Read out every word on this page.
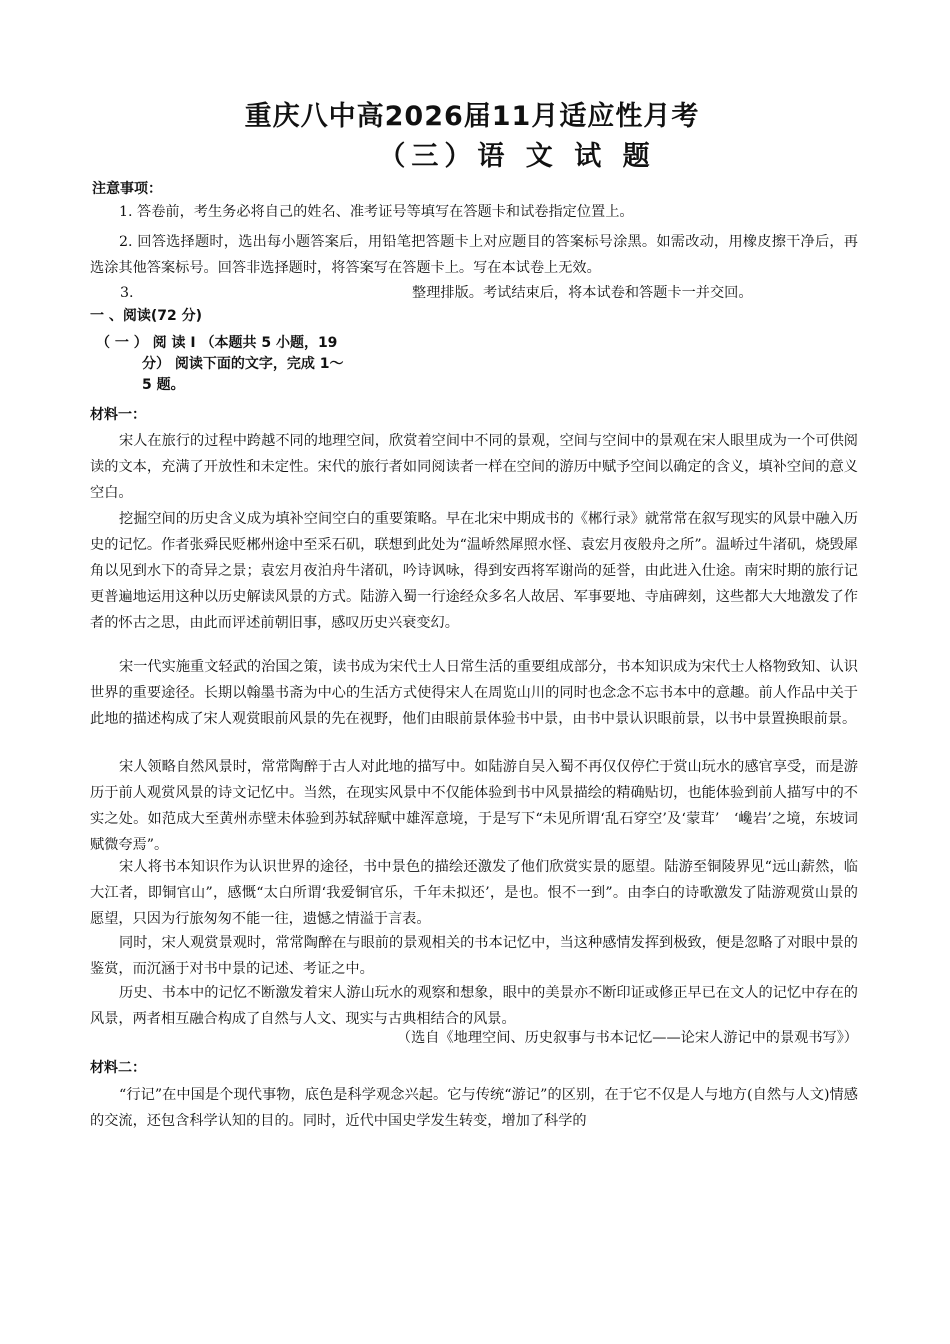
重庆八中高2026届11月适应性月考
（三）语 文 试 题
注意事项：

1. 答卷前，考生务必将自己的姓名、准考证号等填写在答题卡和试卷指定位置上。

2. 回答选择题时，选出每小题答案后，用铅笔把答题卡上对应题目的答案标号涂黑。如需改动，用橡皮擦干净后，再选涂其他答案标号。回答非选择题时，将答案写在答题卡上。写在本试卷上无效。

3.	整理排版。考试结束后，将本试卷和答题卡一并交回。
一 、阅读(72 分)
（ 一 ） 阅 读 I （本题共 5 小题，19
分） 阅读下面的文字，完成 1～
5 题。
材料一：

宋人在旅行的过程中跨越不同的地理空间，欣赏着空间中不同的景观，空间与空间中的景观在宋人眼里成为一个可供阅读的文本，充满了开放性和未定性。宋代的旅行者如同阅读者一样在空间的游历中赋予空间以确定的含义，填补空间的意义空白。

挖掘空间的历史含义成为填补空间空白的重要策略。早在北宋中期成书的《郴行录》就常常在叙写现实的风景中融入历史的记忆。作者张舜民贬郴州途中至采石矶，联想到此处为“温峤然犀照水怪、袁宏月夜般舟之所”。温峤过牛渚矶，烧毁犀角以见到水下的奇异之景；袁宏月夜泊舟牛渚矶，吟诗讽咏，得到安西将军谢尚的延誉，由此进入仕途。南宋时期的旅行记更普遍地运用这种以历史解读风景的方式。陆游入蜀一行途经众多名人故居、军事要地、寺庙碑刻，这些都大大地激发了作者的怀古之思，由此而评述前朝旧事，感叹历史兴衰变幻。

宋一代实施重文轻武的治国之策，读书成为宋代士人日常生活的重要组成部分，书本知识成为宋代士人格物致知、认识世界的重要途径。长期以翰墨书斋为中心的生活方式使得宋人在周览山川的同时也念念不忘书本中的意趣。前人作品中关于此地的描述构成了宋人观赏眼前风景的先在视野，他们由眼前景体验书中景，由书中景认识眼前景，以书中景置换眼前景。

宋人领略自然风景时，常常陶醉于古人对此地的描写中。如陆游自吴入蜀不再仅仅停伫于赏山玩水的感官享受，而是游历于前人观赏风景的诗文记忆中。当然，在现实风景中不仅能体验到书中风景描绘的精确贴切，也能体验到前人描写中的不实之处。如范成大至黄州赤壁未体验到苏轼辞赋中雄浑意境，于是写下“未见所谓‘乱石穿空’及‘蒙茸’　‘巉岩’之境，东坡词赋微夸焉”。

宋人将书本知识作为认识世界的途径，书中景色的描绘还激发了他们欣赏实景的愿望。陆游至铜陵界见“远山薪然，临大江者，即铜官山”，感慨“太白所谓‘我爱铜官乐，千年未拟还’，是也。恨不一到”。由李白的诗歌激发了陆游观赏山景的愿望，只因为行旅匆匆不能一往，遗憾之情溢于言表。

同时，宋人观赏景观时，常常陶醉在与眼前的景观相关的书本记忆中，当这种感情发挥到极致，便是忽略了对眼中景的鉴赏，而沉涵于对书中景的记述、考证之中。

历史、书本中的记忆不断激发着宋人游山玩水的观察和想象，眼中的美景亦不断印证或修正早已在文人的记忆中存在的风景，两者相互融合构成了自然与人文、现实与古典相结合的风景。

（选自《地理空间、历史叙事与书本记忆——论宋人游记中的景观书写》）
材料二：

“行记”在中国是个现代事物，底色是科学观念兴起。它与传统“游记”的区别，在于它不仅是人与地方(自然与人文)情感的交流，还包含科学认知的目的。同时，近代中国史学发生转变，增加了科学的
